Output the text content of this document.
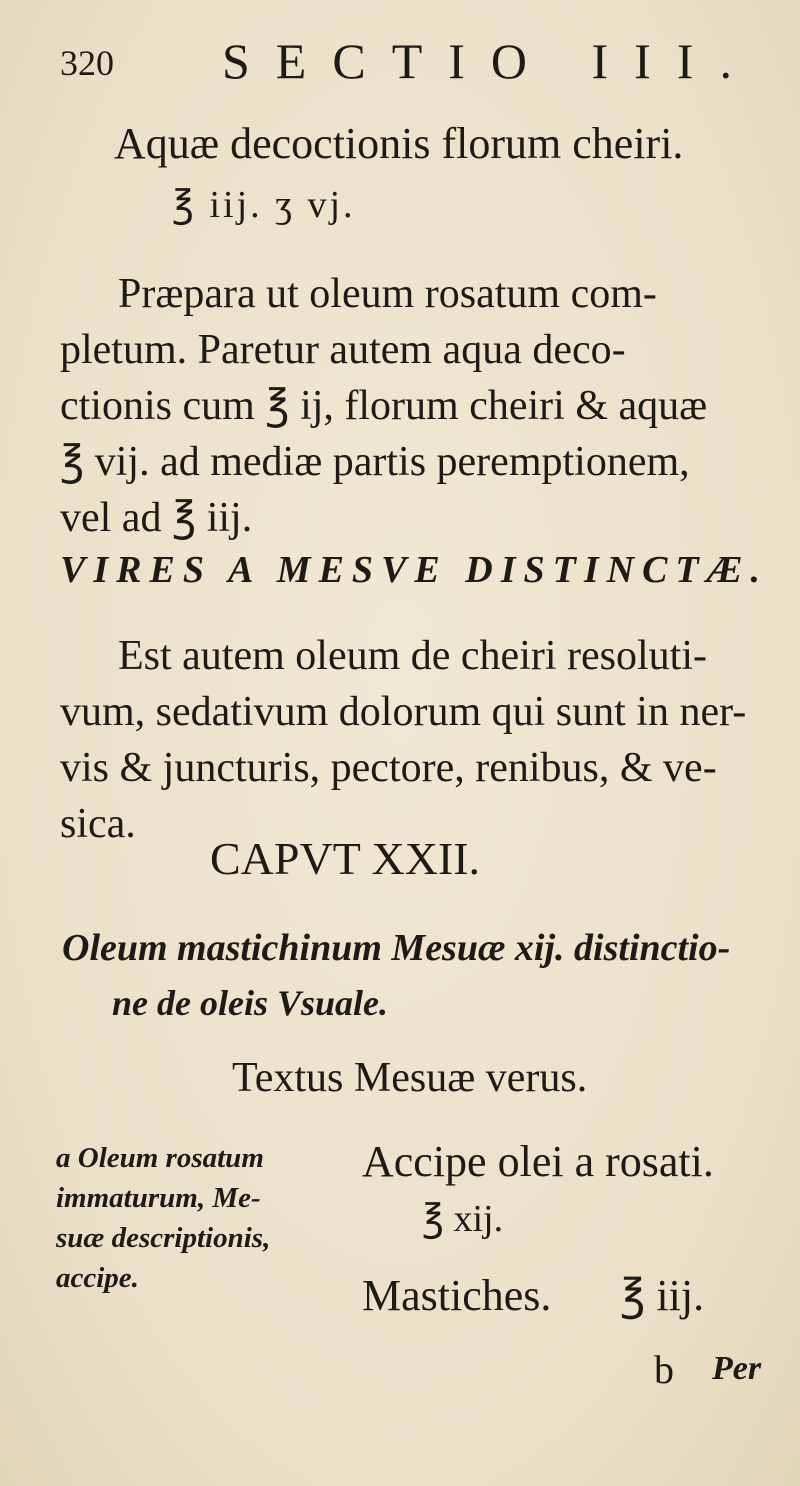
320 SECTIO III.
Aquæ decoctionis florum cheiri.
℥ iij. ʒ vj.
Præpara ut oleum rosatum com-
pletum. Paretur autem aqua deco-
ctionis cum ℥ ij, florum cheiri & aquæ
℥ vij. ad mediæ partis peremptionem,
vel ad ℥ iij.
VIRES A MESVE DISTINCTÆ.
Est autem oleum de cheiri resoluti-
vum, sedativum dolorum qui sunt in ner-
vis & juncturis, pectore, renibus, & ve-
sica.
CAPVT XXII.
Oleum mastichinum Mesuæ xij. distinctio-
ne de oleis Vsuale.
Textus Mesuæ verus.
a Oleum rosatum
immaturum, Me-
suæ descriptionis,
accipe.
Accipe olei a rosati.
℥ xij.
Mastiches. ℥ iij.
b Per
